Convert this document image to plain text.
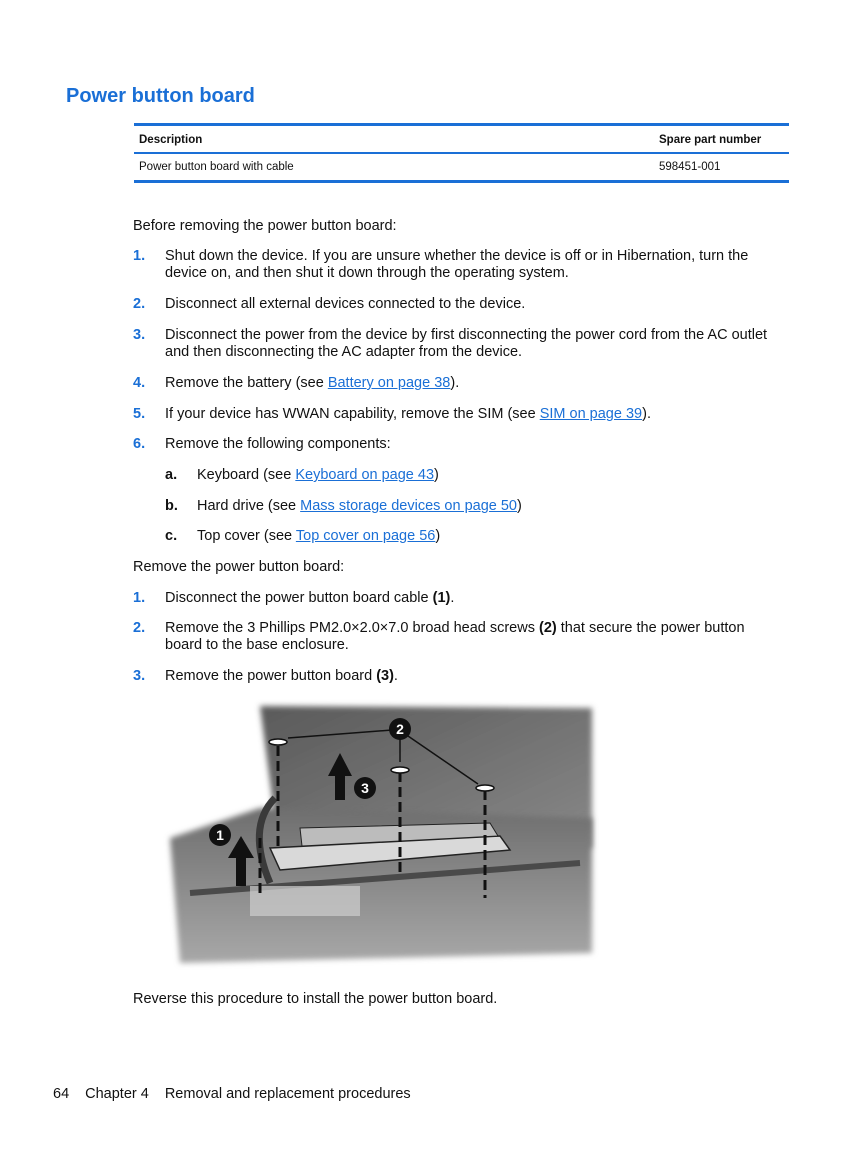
Power button board
Description	Spare part number
Power button board with cable	598451-001

Before removing the power button board:

1.	Shut down the device. If you are unsure whether the device is off or in Hibernation, turn the device on, and then shut it down through the operating system.
2.	Disconnect all external devices connected to the device.
3.	Disconnect the power from the device by first disconnecting the power cord from the AC outlet and then disconnecting the AC adapter from the device.
4.	Remove the battery (see Battery on page 38).
5.	If your device has WWAN capability, remove the SIM (see SIM on page 39).
6.	Remove the following components:
a.	Keyboard (see Keyboard on page 43)
b.	Hard drive (see Mass storage devices on page 50)
c.	Top cover (see Top cover on page 56)

Remove the power button board:

1.	Disconnect the power button board cable (1).
2.	Remove the 3 Phillips PM2.0×2.0×7.0 broad head screws (2) that secure the power button board to the base enclosure.
3.	Remove the power button board (3).
1
2
3

Reverse this procedure to install the power button board.

64 Chapter 4 Removal and replacement procedures
